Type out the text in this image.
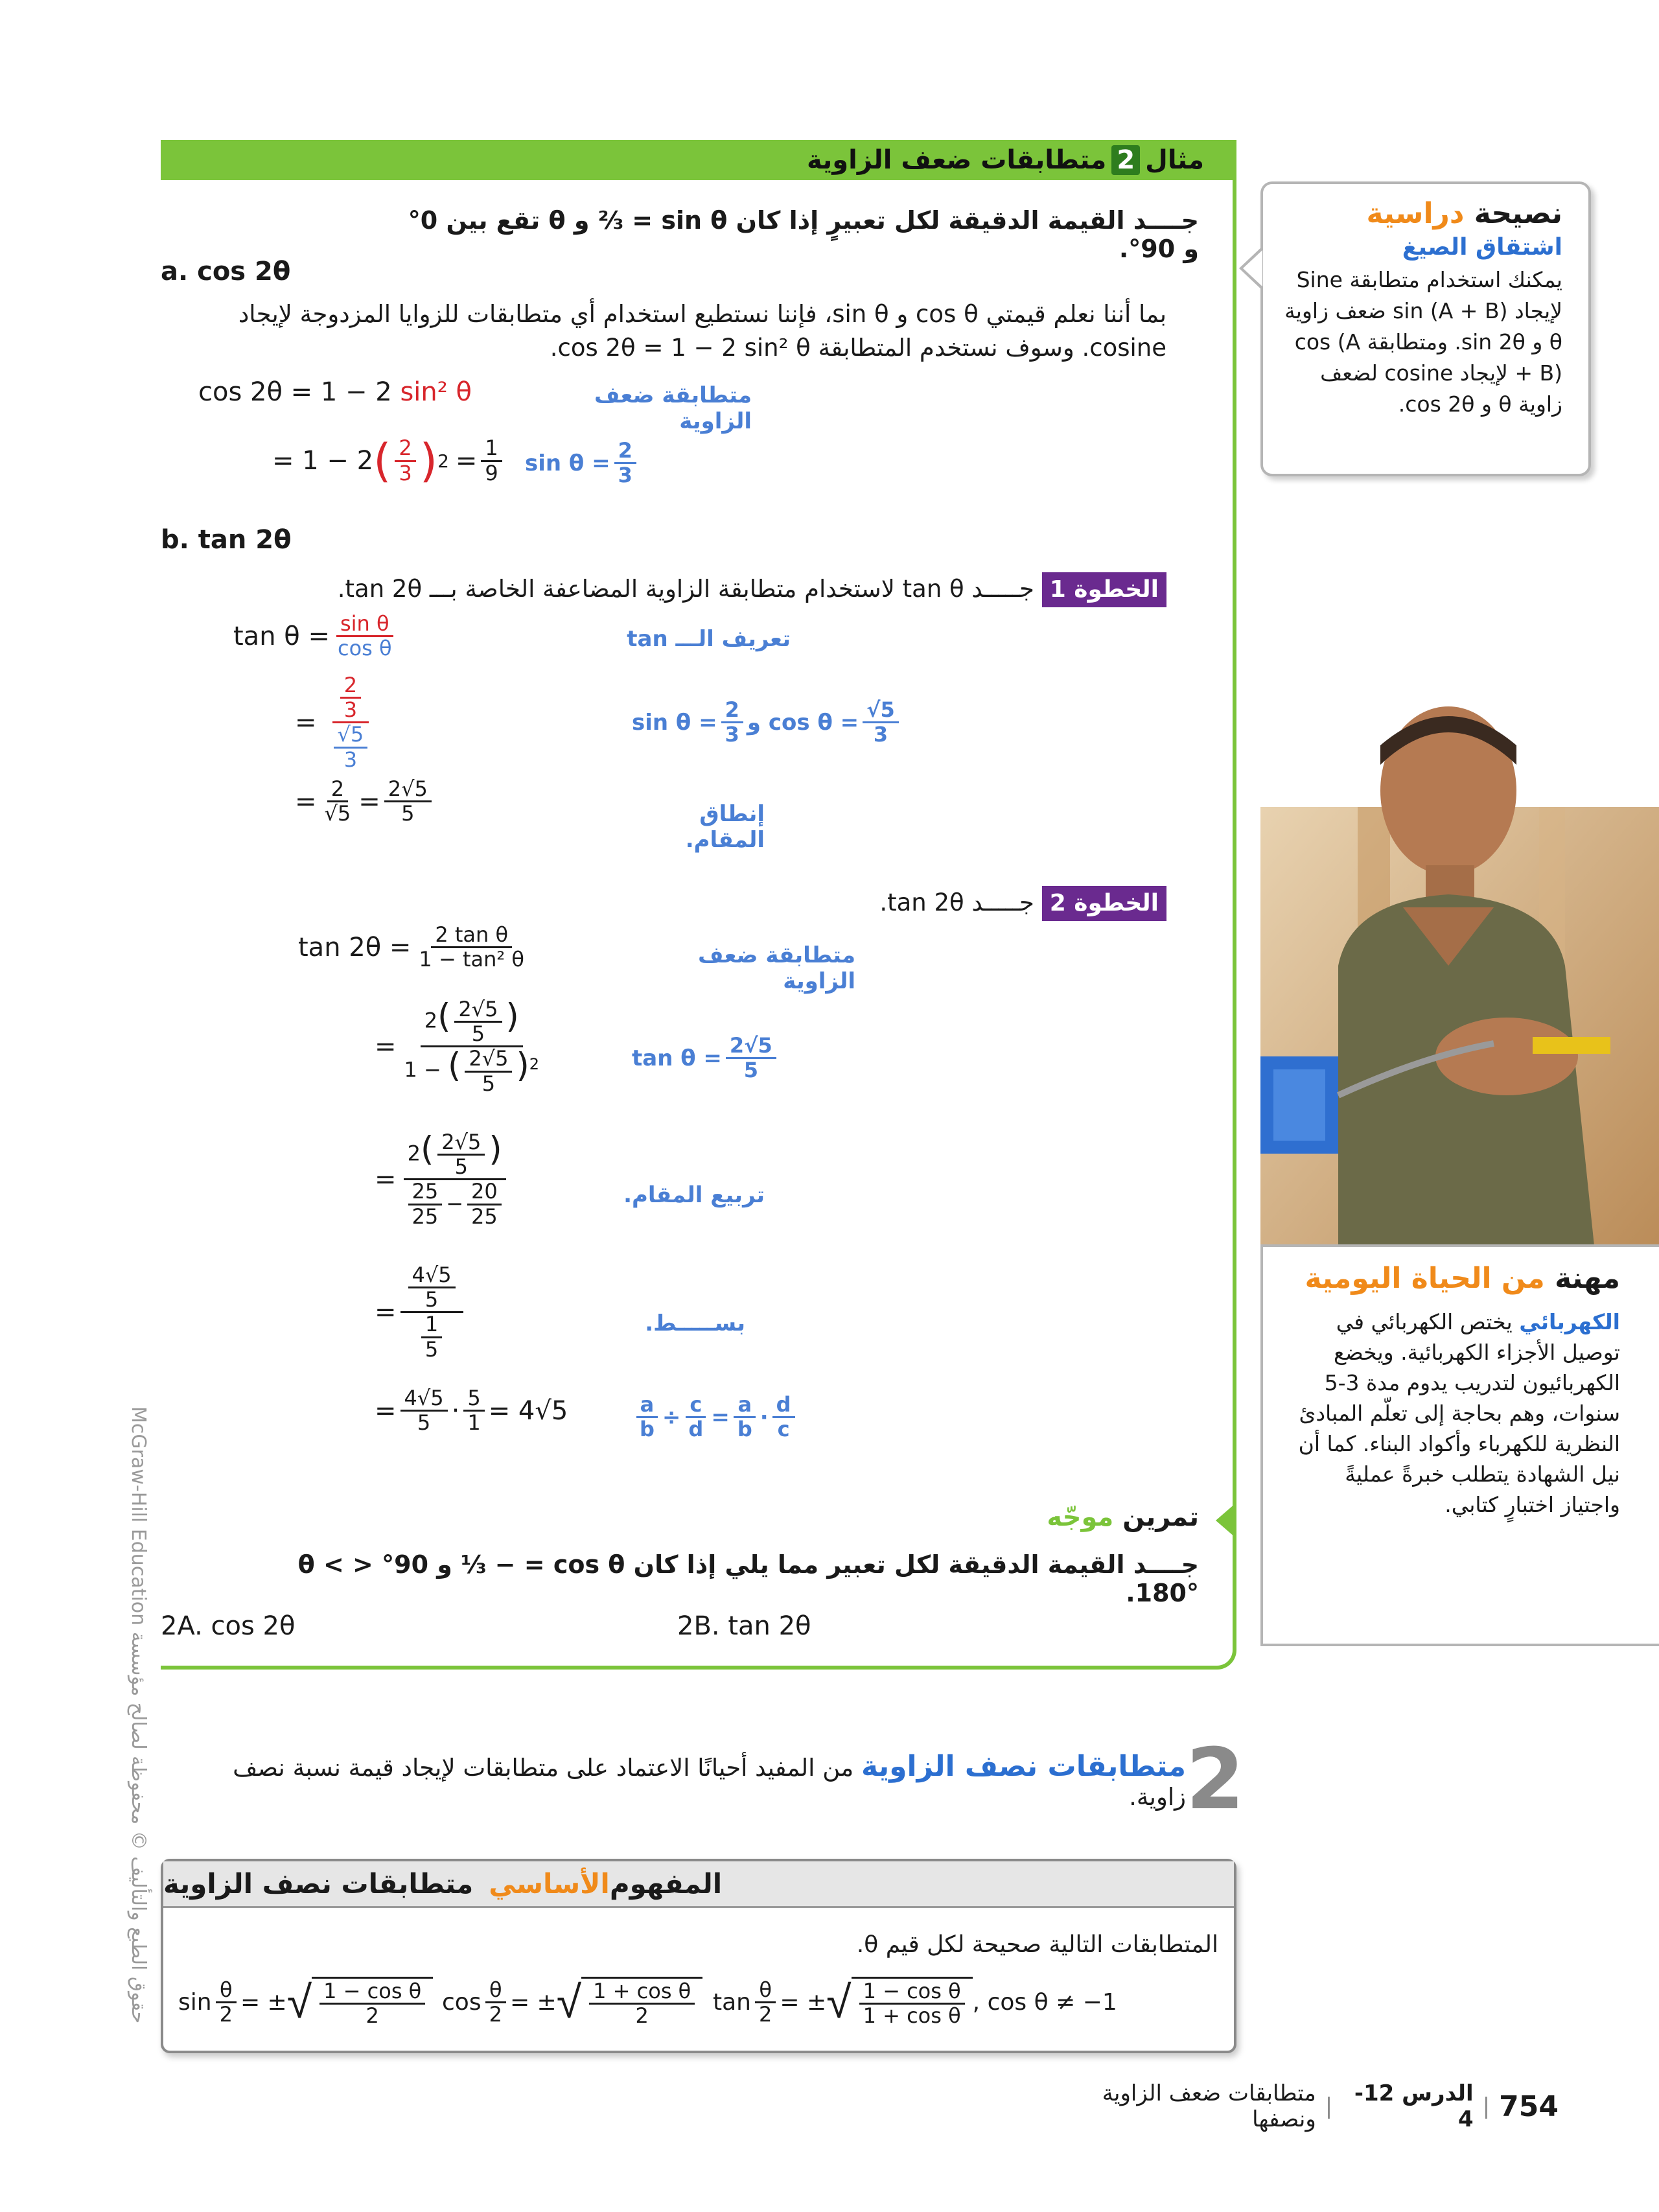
متطابقات ضعف الزاوية 2 مثال
جــــد القيمة الدقيقة لكل تعبيرٍ إذا كان sin θ = ⅔ و θ تقع بين 0° و 90°.
a. cos 2θ
بما أننا نعلم قيمتي cos θ و sin θ، فإننا نستطيع استخدام أي متطابقات للزوايا المزدوجة لإيجاد
cosine. وسوف نستخدم المتطابقة cos 2θ = 1 − 2 sin² θ.
cos 2θ = 1 − 2 sin² θ	متطابقة ضعف الزاوية
= 1 − 2 ( $\frac{2}{3}$ ) $2 = \frac{1}{9}$ $\sin \theta = \frac{2}{3}$
b. tan 2θ
الخطوة 1 جـــــد tan θ لاستخدام متطابقة الزاوية المضاعفة الخاصة بـــ tan 2θ.
$\tan \theta = \frac{\text{sin θ}}{\text{cos θ}}$	تعريف الـــ tan
= $\frac{\frac{2}{3}}{\frac{√5}{3}}$	$\sin \theta = \frac{2}{3}$ و $\cos \theta = \frac{√5}{3}$
= $\frac{2}{√5} = \frac{2√5}{5}$	إنطاق المقام.
الخطوة 2 جـــــد tan 2θ.
$\tan 2\theta = \frac{\text{2 tan θ}}{\text{1 − tan² θ}}$	متطابقة ضعف الزاوية
= $\frac{2( \frac{2√5}{5} )}{1 - ( \frac{2√5}{5} )^2}$	$\tan \theta = \frac{2√5}{5}$
= $\frac{2( \frac{2√5}{5} )}{\frac{25}{25} - \frac{20}{25}}$	تربيع المقام.
= $\frac{\frac{4√5}{5}}{\frac{1}{5}}$	بســـــط.
= $\frac{4√5}{5} \cdot \frac{5}{1} = 4√5$	$\frac{a}{b} \div \frac{c}{d} = \frac{a}{b} \cdot \frac{d}{c}$
تمرين موجّه
جــــد القيمة الدقيقة لكل تعبير مما يلي إذا كان cos θ = − ⅓ و 90° < θ < 180°.
2A. cos 2θ	2B. tan 2θ
نصيحة دراسية
اشتقاق الصيغ
يمكنك استخدام متطابقة Sine لإيجاد sin (A + B) ضعف زاوية θ و sin 2θ. ومتطابقة cos (A + B) لإيجاد cosine لضعف زاوية θ و cos 2θ.
مهنة من الحياة اليومية
الكهربائي يختص الكهربائي في توصيل الأجزاء الكهربائية. ويخضع الكهربائيون لتدريب يدوم مدة 3-5 سنوات، وهم بحاجة إلى تعلّم المبادئ النظرية للكهرباء وأكواد البناء. كما أن نيل الشهادة يتطلب خبرةً عمليةً واجتياز اختبارٍ كتابي.
2
متطابقات نصف الزاوية من المفيد أحيانًا الاعتماد على متطابقات لإيجاد قيمة نسبة نصف زاوية.
المفهوم
الأساسي
متطابقات نصف الزاوية
المتطابقات التالية صحيحة لكل قيم θ.
$\sin \frac{\theta}{2}$ = ± √ $\frac{\text{1 − cos θ}}{2}$ $\cos \frac{\theta}{2}$ = ± √ $\frac{\text{1 + cos θ}}{2}$ $\tan \frac{\theta}{2}$ = ± √ $\frac{\text{1 − cos θ}}{\text{1 + cos θ}}$ , cos θ ≠ −1
حقوق الطبع والتأليف © محفوظة لصالح مؤسسة McGraw-Hill Education
متطابقات ضعف الزاوية ونصفها | الدرس 12-4 | 754
